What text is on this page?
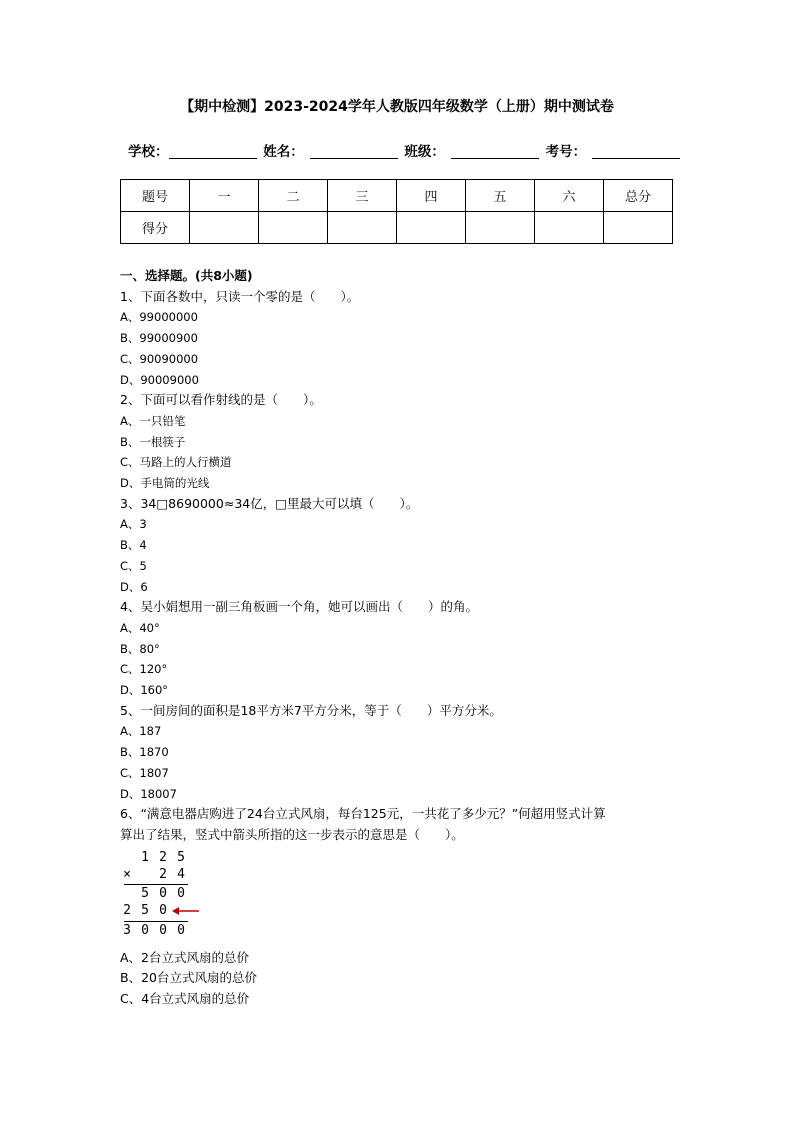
【期中检测】2023-2024学年人教版四年级数学（上册）期中测试卷
学校：	姓名：	班级：	考号：
题号	一	二	三	四	五	六	总分
得分							
一、选择题。(共8小题)
1、下面各数中，只读一个零的是（　　）。
A、99000000
B、99000900
C、90090000
D、90009000
2、下面可以看作射线的是（　　）。
A、一只铅笔
B、一根筷子
C、马路上的人行横道
D、手电筒的光线
3、34□8690000≈34亿，□里最大可以填（　　）。
A、3
B、4
C、5
D、6
4、吴小娟想用一副三角板画一个角，她可以画出（　　）的角。
A、40°
B、80°
C、120°
D、160°
5、一间房间的面积是18平方米7平方分米，等于（　　）平方分米。
A、187
B、1870
C、1807
D、18007
6、“满意电器店购进了24台立式风扇，每台125元，一共花了多少元？”何超用竖式计算
算出了结果，竖式中箭头所指的这一步表示的意思是（　　）。
1 2 5
× 2 4
5 0 0
2 5 0
3 0 0 0
A、2台立式风扇的总价
B、20台立式风扇的总价
C、4台立式风扇的总价
